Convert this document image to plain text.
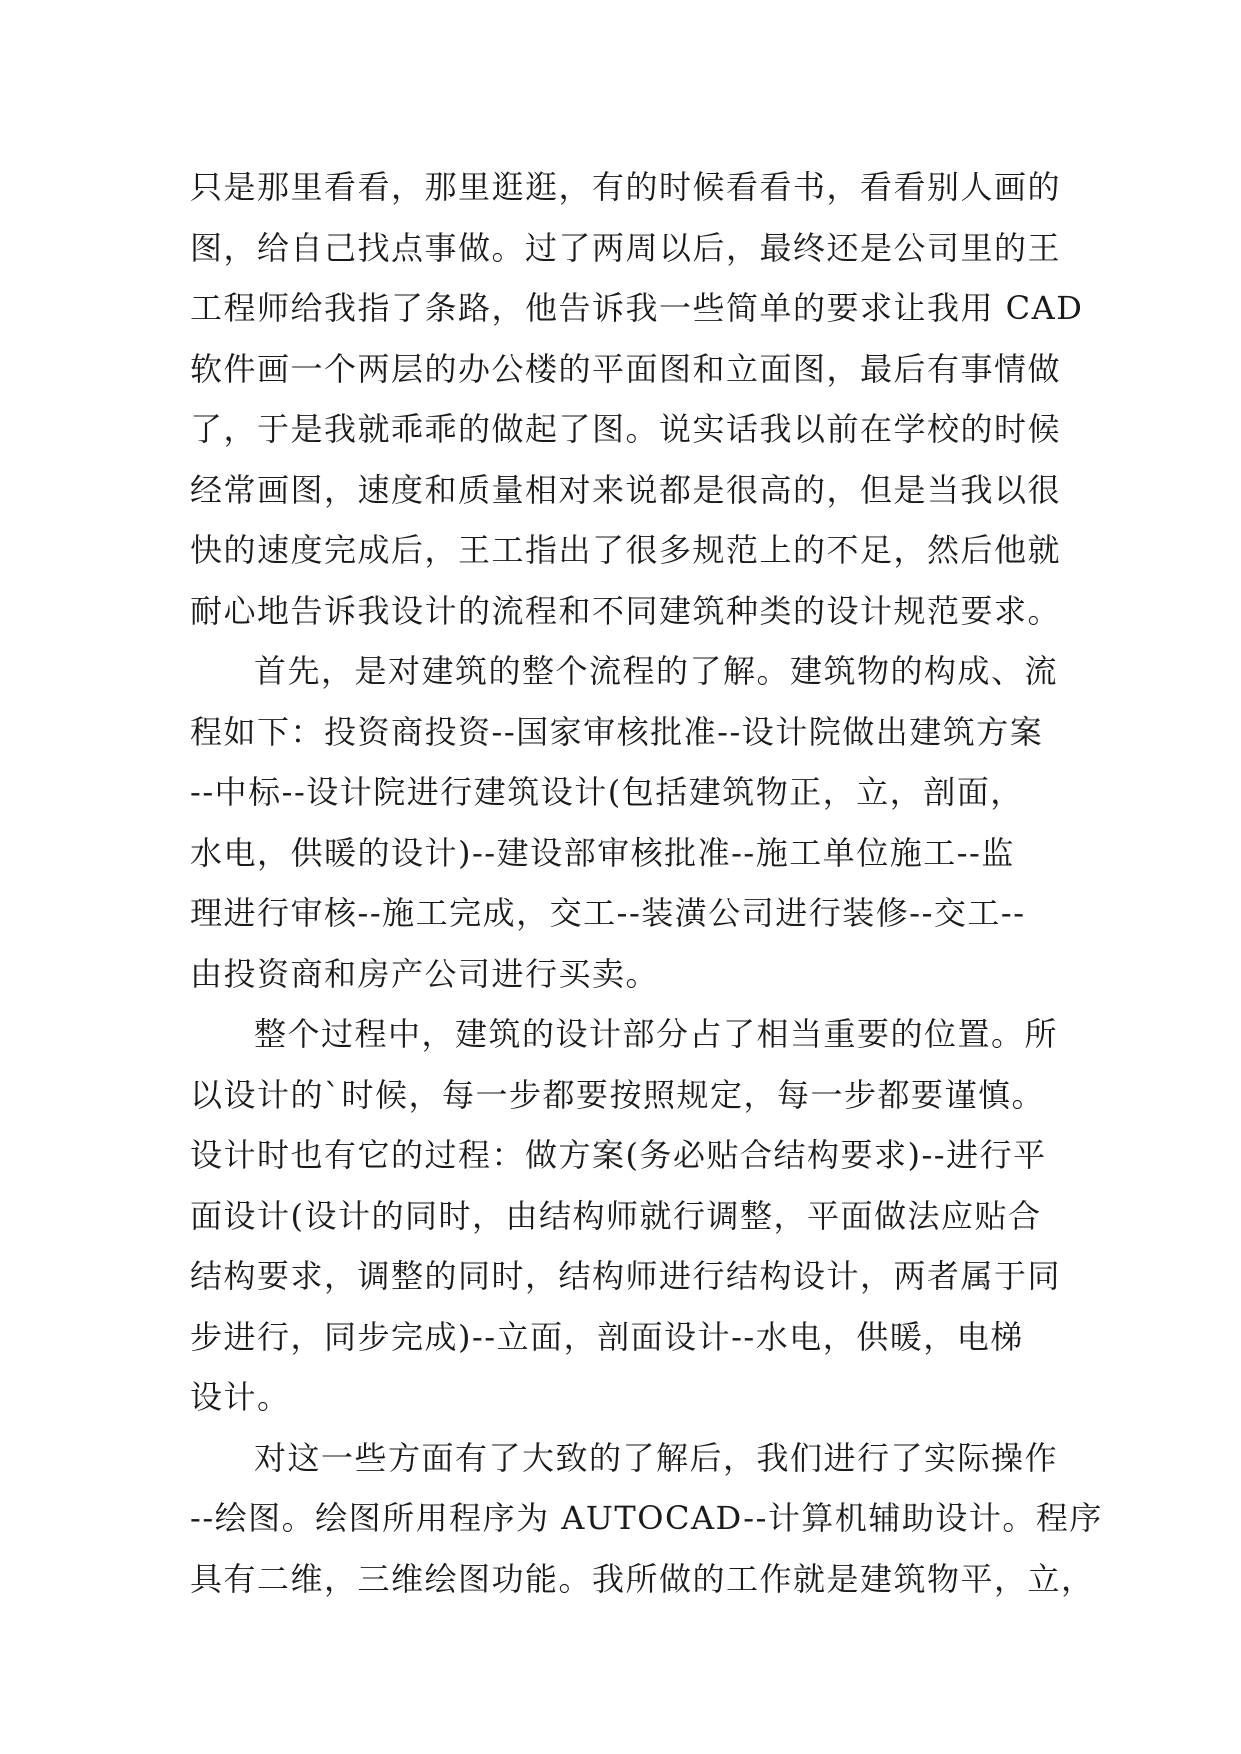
只是那里看看，那里逛逛，有的时候看看书，看看别人画的
图，给自己找点事做。过了两周以后，最终还是公司里的王
工程师给我指了条路，他告诉我一些简单的要求让我用 CAD
软件画一个两层的办公楼的平面图和立面图，最后有事情做
了，于是我就乖乖的做起了图。说实话我以前在学校的时候
经常画图，速度和质量相对来说都是很高的，但是当我以很
快的速度完成后，王工指出了很多规范上的不足，然后他就
耐心地告诉我设计的流程和不同建筑种类的设计规范要求。
首先，是对建筑的整个流程的了解。建筑物的构成、流
程如下：投资商投资--国家审核批准--设计院做出建筑方案
--中标--设计院进行建筑设计(包括建筑物正，立，剖面，
水电，供暖的设计)--建设部审核批准--施工单位施工--监
理进行审核--施工完成，交工--装潢公司进行装修--交工--
由投资商和房产公司进行买卖。
整个过程中，建筑的设计部分占了相当重要的位置。所
以设计的`时候，每一步都要按照规定，每一步都要谨慎。
设计时也有它的过程：做方案(务必贴合结构要求)--进行平
面设计(设计的同时，由结构师就行调整，平面做法应贴合
结构要求，调整的同时，结构师进行结构设计，两者属于同
步进行，同步完成)--立面，剖面设计--水电，供暖，电梯
设计。
对这一些方面有了大致的了解后，我们进行了实际操作
--绘图。绘图所用程序为 AUTOCAD--计算机辅助设计。程序
具有二维，三维绘图功能。我所做的工作就是建筑物平，立，
